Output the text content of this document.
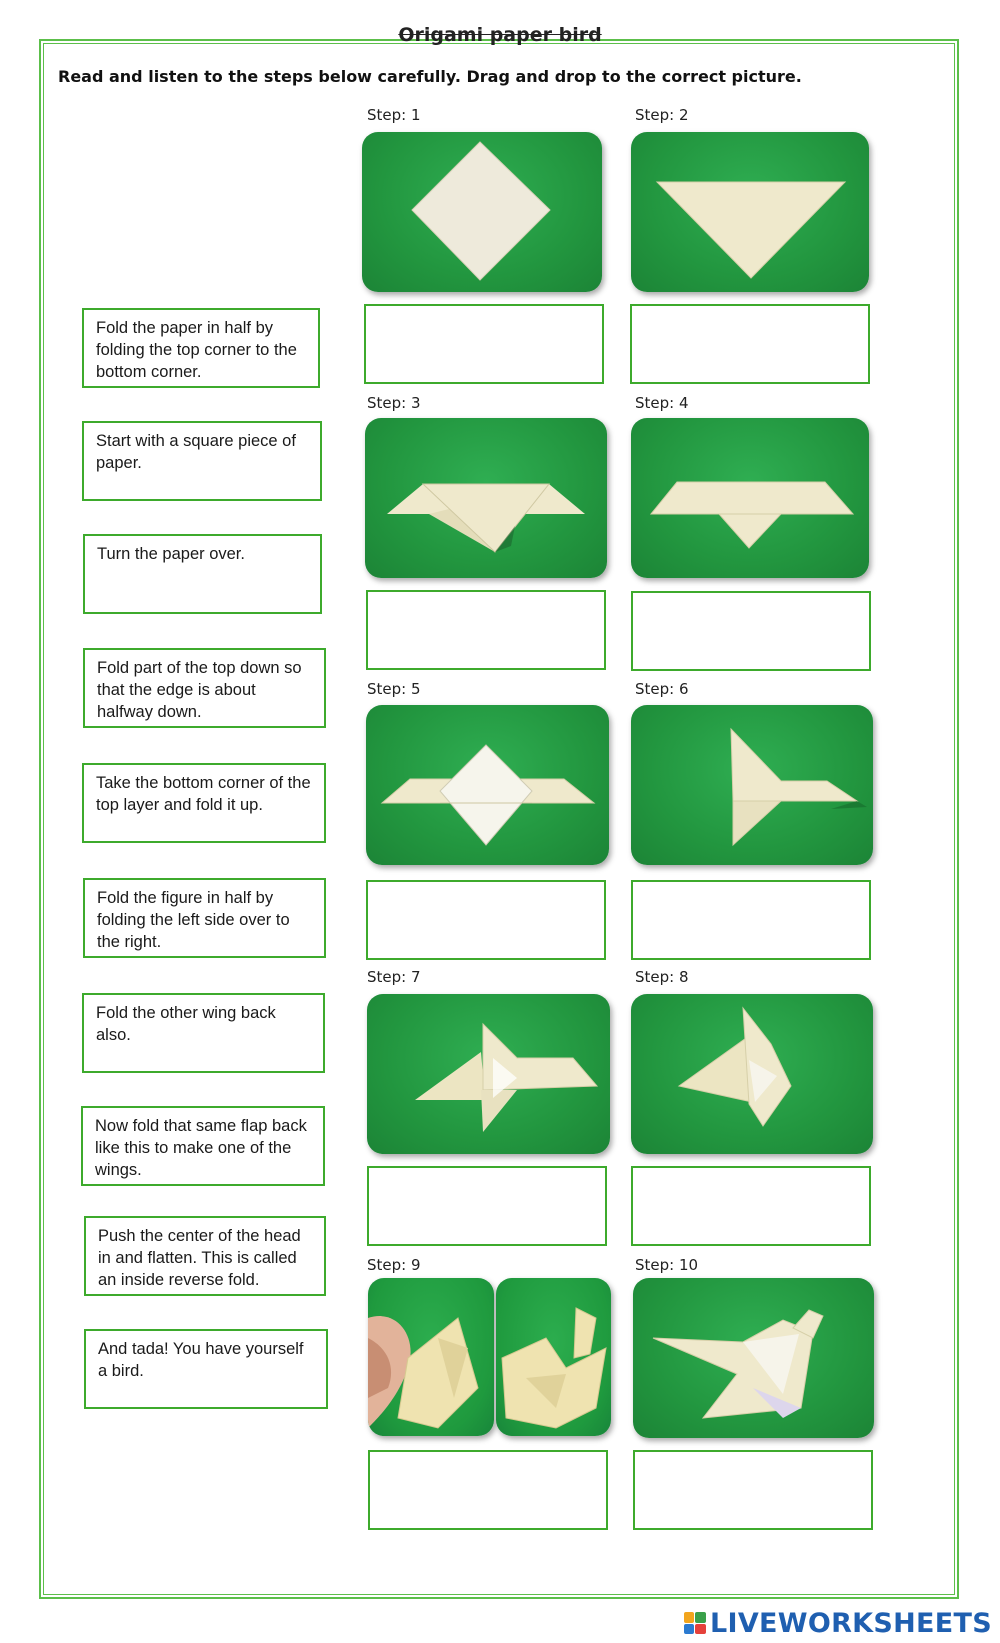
Origami paper bird
Read and listen to the steps below carefully. Drag and drop to the correct picture.
Fold the paper in half by folding the top corner to the bottom corner.
Start with a square piece of paper.
Turn the paper over.
Fold part of the top down so that the edge is about halfway down.
Take the bottom corner of the top layer and fold it up.
Fold the figure in half by folding the left side over to the right.
Fold the other wing back also.
Now fold that same flap back like this to make one of the wings.
Push the center of the head in and flatten. This is called an inside reverse fold.
And tada! You have yourself a bird.
Step: 1	Step: 2
Step: 3	Step: 4
Step: 5	Step: 6
Step: 7	Step: 8
Step: 9	Step: 10
LIVEWORKSHEETS
